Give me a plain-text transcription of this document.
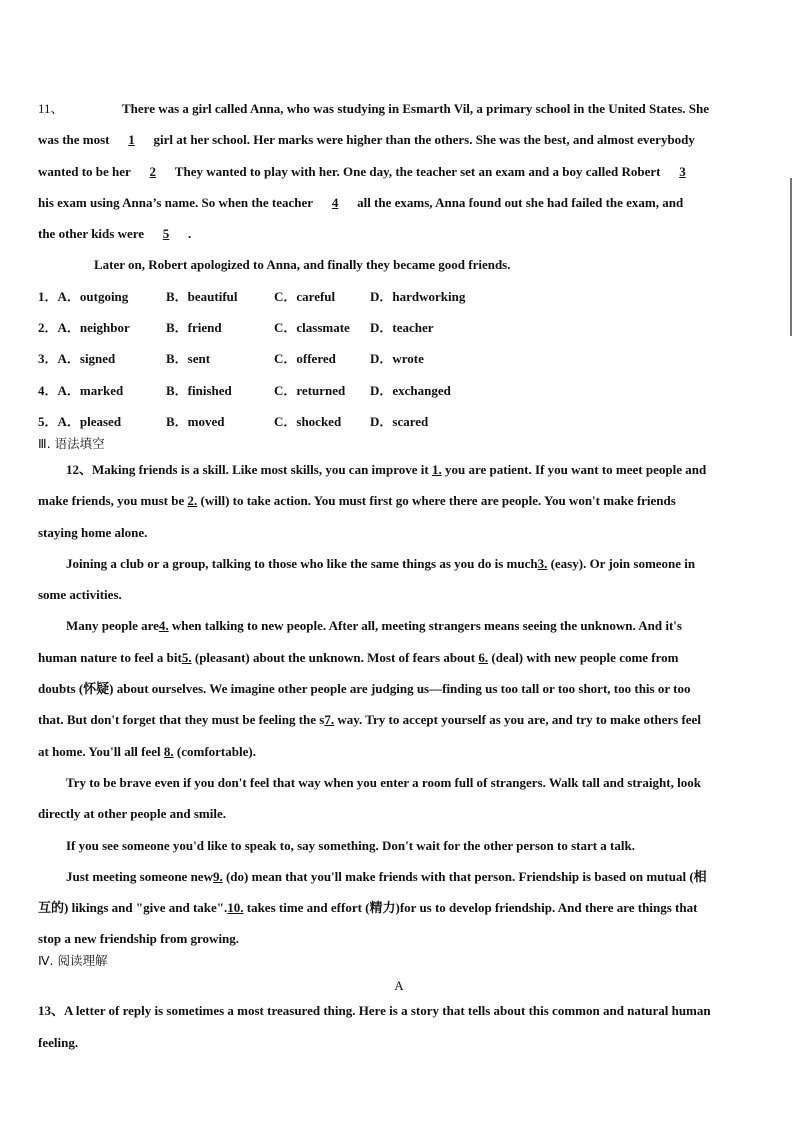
11、	There was a girl called Anna, who was studying in Esmarth Vil, a primary school in the United States. She
was the most 1 girl at her school. Her marks were higher than the others. She was the best, and almost everybody
wanted to be her 2 They wanted to play with her. One day, the teacher set an exam and a boy called Robert 3
his exam using Anna’s name. So when the teacher 4 all the exams, Anna found out she had failed the exam, and
the other kids were 5 .
Later on, Robert apologized to Anna, and finally they became good friends.
1．A．outgoing	B．beautiful	C．careful	D．hardworking
2．A．neighbor	B．friend	C．classmate D．teacher
3．A．signed	B．sent	C．offered	D．wrote
4．A．marked	B．finished	C．returned D．exchanged
5．A．pleased	B．moved	C．shocked D．scared
Ⅲ. 语法填空
12、Making friends is a skill. Like most skills, you can improve it 1. you are patient. If you want to meet people and
make friends, you must be 2. (will) to take action. You must first go where there are people. You won't make friends
staying home alone.
Joining a club or a group, talking to those who like the same things as you do is much3. (easy). Or join someone in
some activities.
Many people are4. when talking to new people. After all, meeting strangers means seeing the unknown. And it's
human nature to feel a bit5. (pleasant) about the unknown. Most of fears about 6. (deal) with new people come from
doubts (怀疑) about ourselves. We imagine other people are judging us—finding us too tall or too short, too this or too
that. But don't forget that they must be feeling the s7. way. Try to accept yourself as you are, and try to make others feel
at home. You'll all feel 8. (comfortable).
Try to be brave even if you don't feel that way when you enter a room full of strangers. Walk tall and straight, look
directly at other people and smile.
If you see someone you'd like to speak to, say something. Don't wait for the other person to start a talk.
Just meeting someone new9. (do) mean that you'll make friends with that person. Friendship is based on mutual (相
互的) likings and "give and take".10. takes time and effort (精力)for us to develop friendship. And there are things that
stop a new friendship from growing.
Ⅳ. 阅读理解
A
13、A letter of reply is sometimes a most treasured thing. Here is a story that tells about this common and natural human
feeling.
